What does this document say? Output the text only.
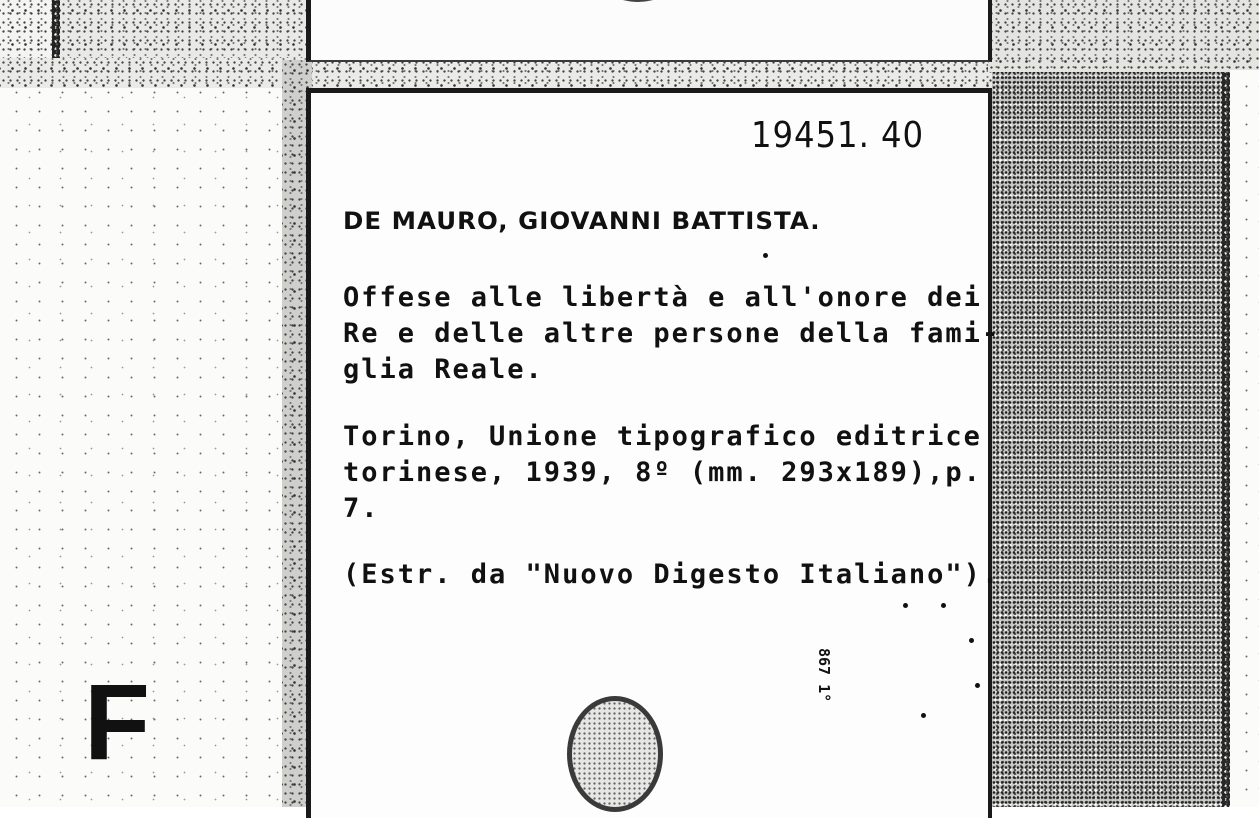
19451. 40
DE MAURO, GIOVANNI BATTISTA.
Offese alle libertà e all'onore dei
Re e delle altre persone della fami-
glia Reale.
Torino, Unione tipografico editrice
torinese, 1939, 8º (mm. 293x189),p.
7.
(Estr. da "Nuovo Digesto Italiano").
867 1°
F
